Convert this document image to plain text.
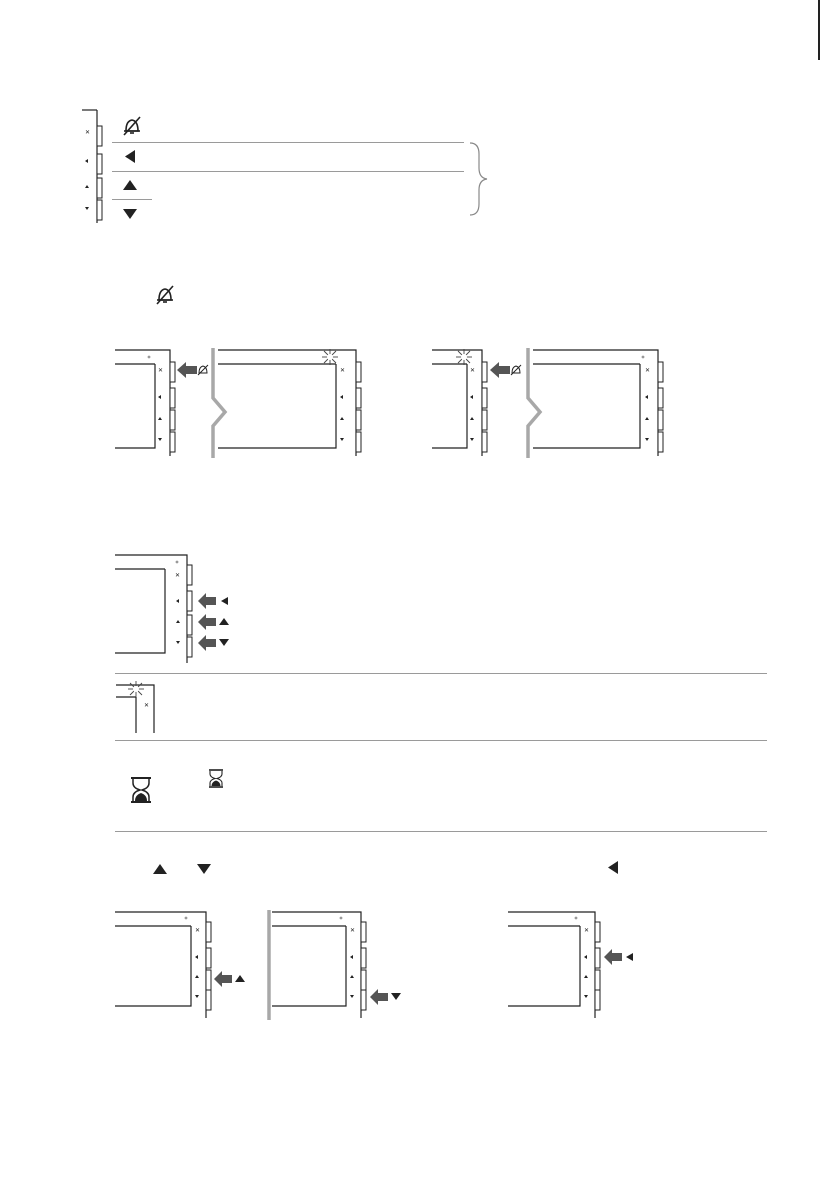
✕
✕	✕	✕	✕
✕
✕
✕	✕	✕
